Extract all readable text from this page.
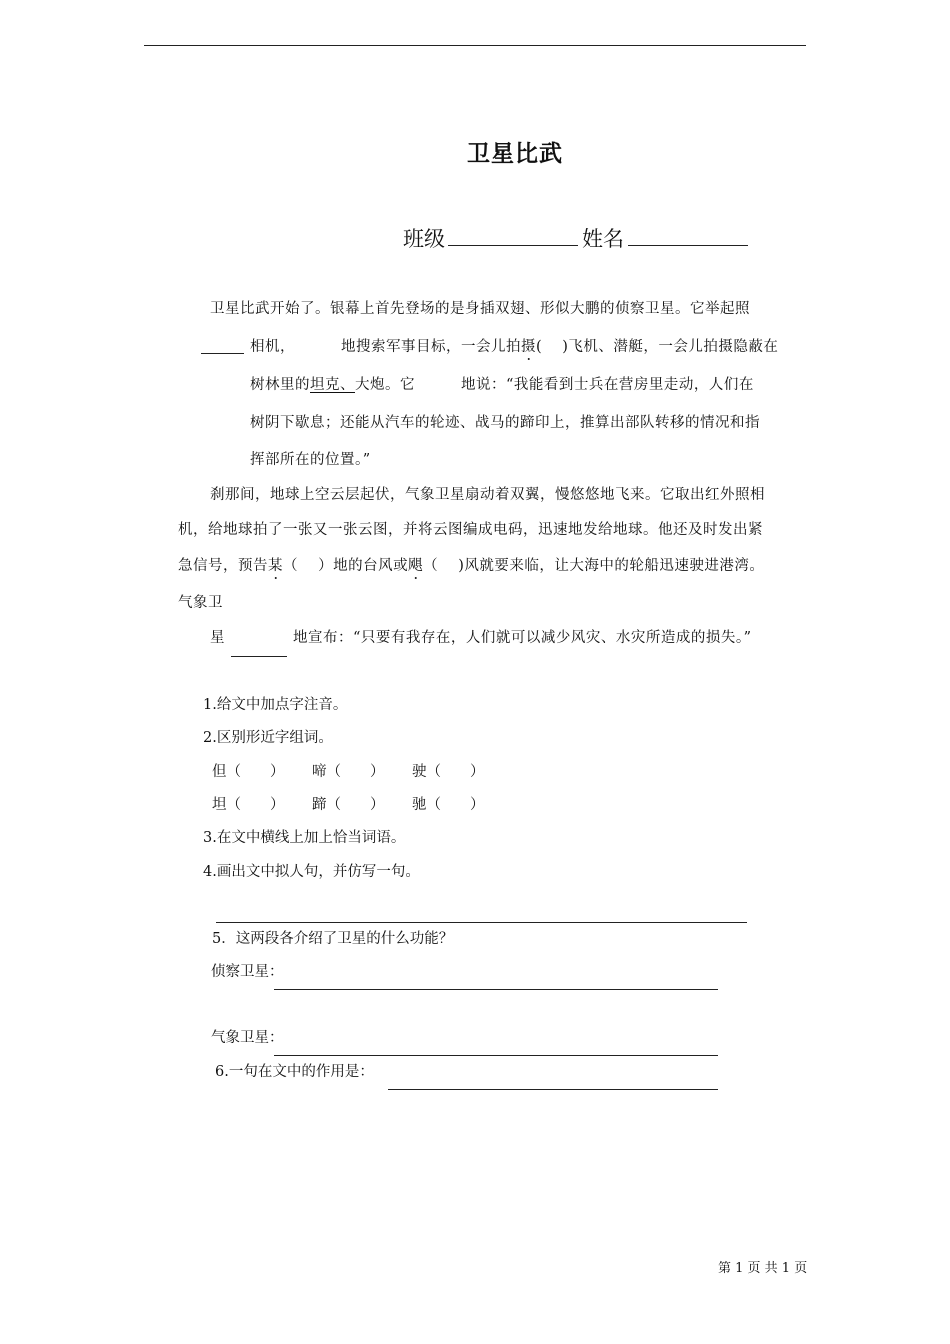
卫星比武
班级	姓名
卫星比武开始了。银幕上首先登场的是身插双翅、形似大鹏的侦察卫星。它举起照
相机，	地搜索军事目标，一会儿拍摄(　 )飞机、潜艇，一会儿拍摄隐蔽在
树林里的坦克、大炮。它	地说：“我能看到士兵在营房里走动，人们在
树阴下歇息；还能从汽车的轮迹、战马的蹄印上，推算出部队转移的情况和指
挥部所在的位置。”
刹那间，地球上空云层起伏，气象卫星扇动着双翼，慢悠悠地飞来。它取出红外照相
机，给地球拍了一张又一张云图，并将云图编成电码，迅速地发给地球。他还及时发出紧
急信号，预告某（　 ）地的台风或飓（　 )风就要来临，让大海中的轮船迅速驶进港湾。
气象卫
星	地宣布：“只要有我存在，人们就可以减少风灾、水灾所造成的损失。”
1.给文中加点字注音。
2.区别形近字组词。
但（　　） 啼（　　） 驶（　　）
坦（　　） 蹄（　　） 驰（　　）
3.在文中横线上加上恰当词语。
4.画出文中拟人句，并仿写一句。
5．这两段各介绍了卫星的什么功能？
侦察卫星：
气象卫星：
6.一句在文中的作用是：
第 1 页 共 1 页
